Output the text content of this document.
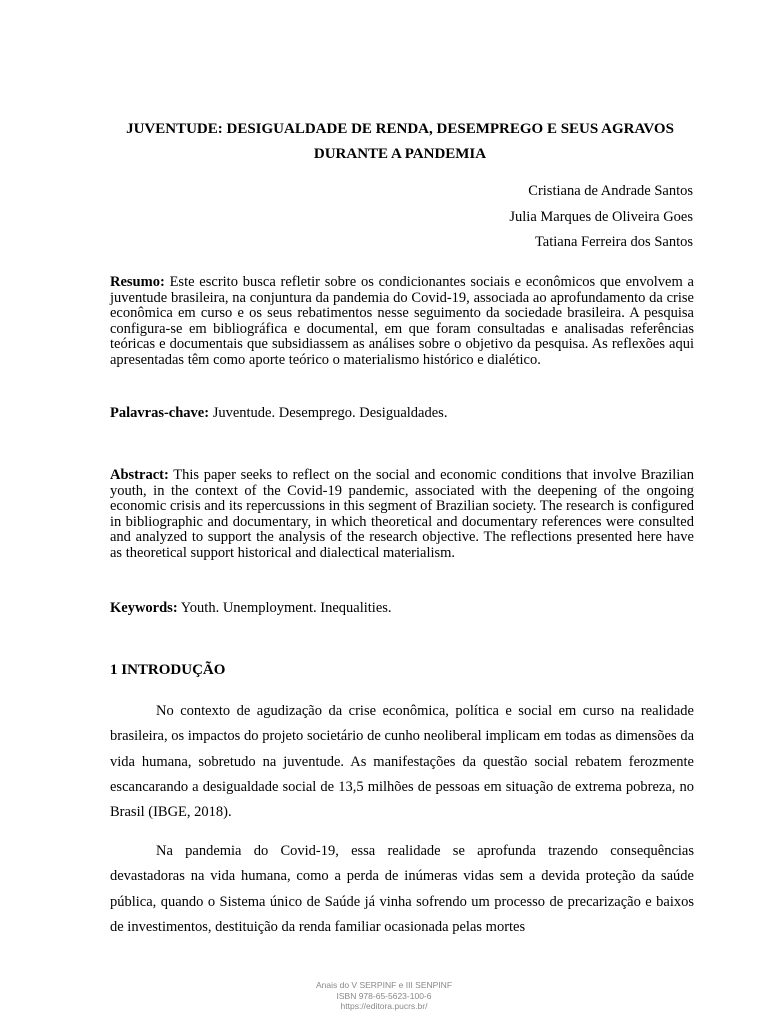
JUVENTUDE: DESIGUALDADE DE RENDA, DESEMPREGO E SEUS AGRAVOS
DURANTE A PANDEMIA
Cristiana de Andrade Santos
Julia Marques de Oliveira Goes
Tatiana Ferreira dos Santos

Resumo: Este escrito busca refletir sobre os condicionantes sociais e econômicos que envolvem a juventude brasileira, na conjuntura da pandemia do Covid-19, associada ao aprofundamento da crise econômica em curso e os seus rebatimentos nesse seguimento da sociedade brasileira. A pesquisa configura-se em bibliográfica e documental, em que foram consultadas e analisadas referências teóricas e documentais que subsidiassem as análises sobre o objetivo da pesquisa. As reflexões aqui apresentadas têm como aporte teórico o materialismo histórico e dialético.

Palavras-chave: Juventude. Desemprego. Desigualdades.

Abstract: This paper seeks to reflect on the social and economic conditions that involve Brazilian youth, in the context of the Covid-19 pandemic, associated with the deepening of the ongoing economic crisis and its repercussions in this segment of Brazilian society. The research is configured in bibliographic and documentary, in which theoretical and documentary references were consulted and analyzed to support the analysis of the research objective. The reflections presented here have as theoretical support historical and dialectical materialism.

Keywords: Youth. Unemployment. Inequalities.

1 INTRODUÇÃO

No contexto de agudização da crise econômica, política e social em curso na realidade brasileira, os impactos do projeto societário de cunho neoliberal implicam em todas as dimensões da vida humana, sobretudo na juventude. As manifestações da questão social rebatem ferozmente escancarando a desigualdade social de 13,5 milhões de pessoas em situação de extrema pobreza, no Brasil (IBGE, 2018).

Na pandemia do Covid-19, essa realidade se aprofunda trazendo consequências devastadoras na vida humana, como a perda de inúmeras vidas sem a devida proteção da saúde pública, quando o Sistema único de Saúde já vinha sofrendo um processo de precarização e baixos de investimentos, destituição da renda familiar ocasionada pelas mortes

Anais do V SERPINF e III SENPINF
ISBN 978-65-5623-100-6
https://editora.pucrs.br/
